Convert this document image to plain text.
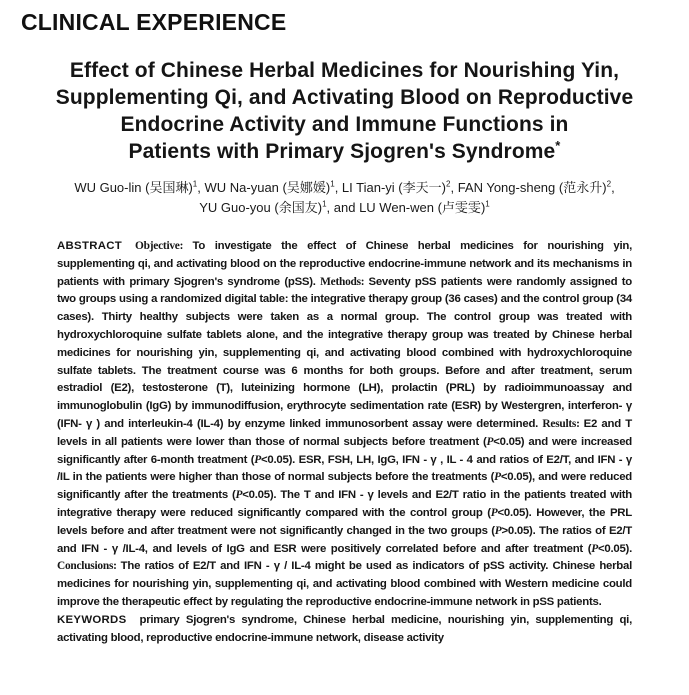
CLINICAL EXPERIENCE
Effect of Chinese Herbal Medicines for Nourishing Yin,
Supplementing Qi, and Activating Blood on Reproductive
Endocrine Activity and Immune Functions in
Patients with Primary Sjogren's Syndrome*
WU Guo-lin (吴国琳)$^1$, WU Na-yuan (吴娜媛)$^1$, LI Tian-yi (李天一)$^2$, FAN Yong-sheng (范永升)$^2$,
YU Guo-you (余国友)$^1$, and LU Wen-wen (卢雯雯)$^1$

ABSTRACT Objective: To investigate the effect of Chinese herbal medicines for nourishing yin, supplementing qi, and activating blood on the reproductive endocrine-immune network and its mechanisms in patients with primary Sjogren's syndrome (pSS). Methods: Seventy pSS patients were randomly assigned to two groups using a randomized digital table: the integrative therapy group (36 cases) and the control group (34 cases). Thirty healthy subjects were taken as a normal group. The control group was treated with hydroxychloroquine sulfate tablets alone, and the integrative therapy group was treated by Chinese herbal medicines for nourishing yin, supplementing qi, and activating blood combined with hydroxychloroquine sulfate tablets. The treatment course was 6 months for both groups. Before and after treatment, serum estradiol (E2), testosterone (T), luteinizing hormone (LH), prolactin (PRL) by radioimmunoassay and immunoglobulin (IgG) by immunodiffusion, erythrocyte sedimentation rate (ESR) by Westergren, interferon- γ (IFN- γ ) and interleukin-4 (IL-4) by enzyme linked immunosorbent assay were determined. Results: E2 and T levels in all patients were lower than those of normal subjects before treatment (P<0.05) and were increased significantly after 6-month treatment (P<0.05). ESR, FSH, LH, IgG, IFN - γ , IL - 4 and ratios of E2/T, and IFN - γ /IL in the patients were higher than those of normal subjects before the treatments (P<0.05), and were reduced significantly after the treatments (P<0.05). The T and IFN - γ levels and E2/T ratio in the patients treated with integrative therapy were reduced significantly compared with the control group (P<0.05). However, the PRL levels before and after treatment were not significantly changed in the two groups (P>0.05). The ratios of E2/T and IFN - γ /IL-4, and levels of IgG and ESR were positively correlated before and after treatment (P<0.05). Conclusions: The ratios of E2/T and IFN - γ / IL-4 might be used as indicators of pSS activity. Chinese herbal medicines for nourishing yin, supplementing qi, and activating blood combined with Western medicine could improve the therapeutic effect by regulating the reproductive endocrine-immune network in pSS patients.

KEYWORDS primary Sjogren's syndrome, Chinese herbal medicine, nourishing yin, supplementing qi, activating blood, reproductive endocrine-immune network, disease activity
